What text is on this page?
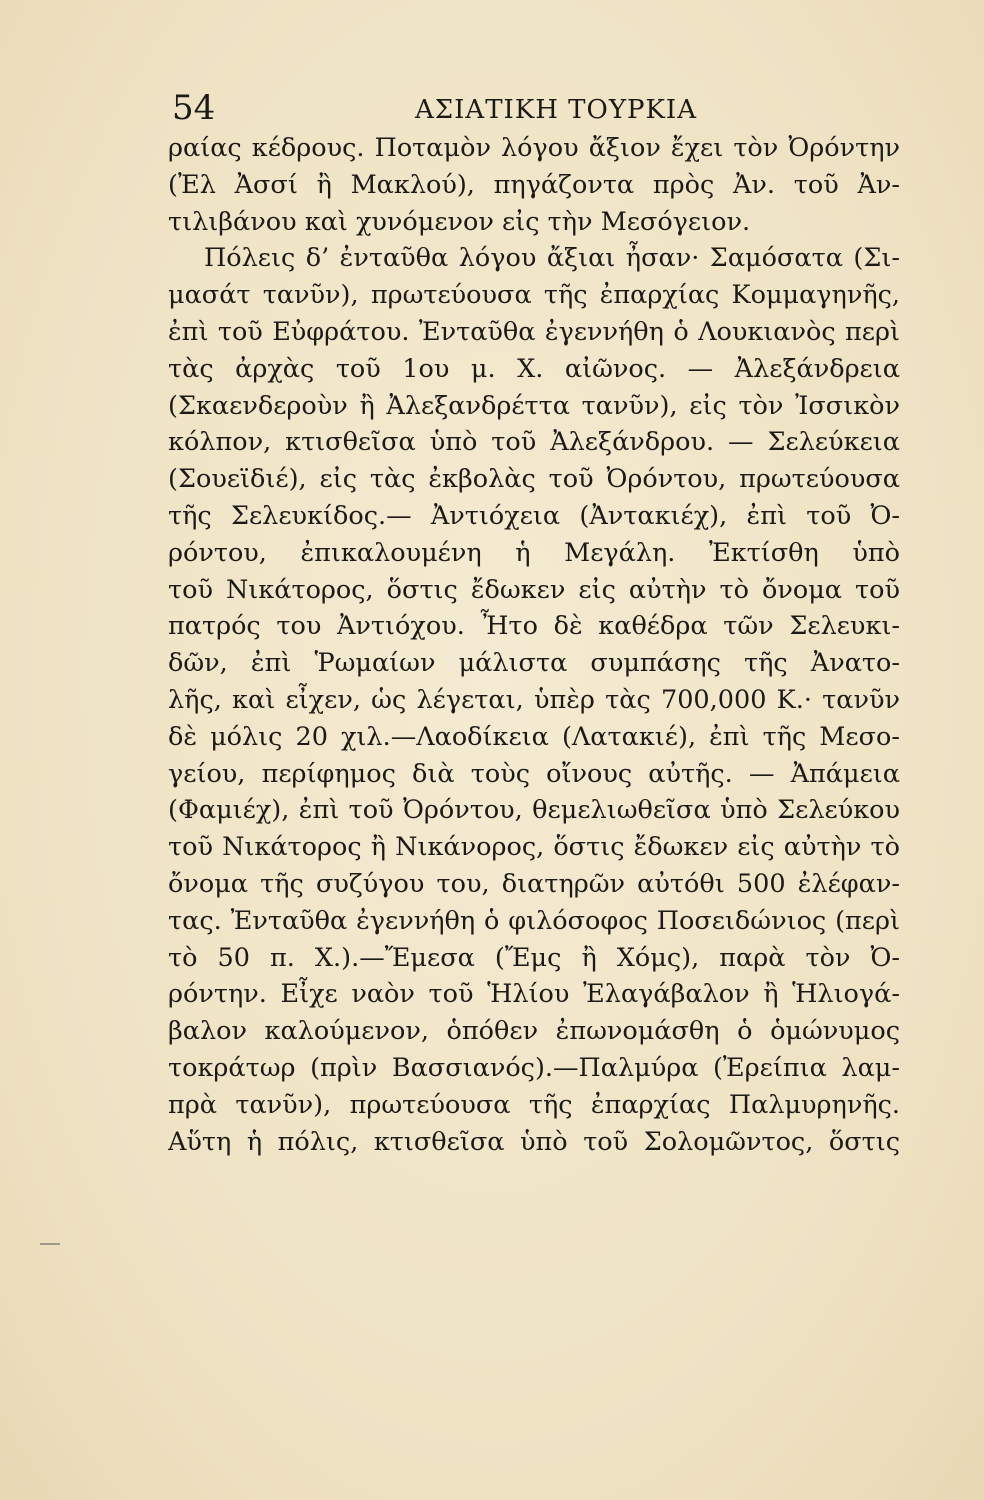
54	ΑΣΙΑΤΙΚΗ ΤΟΥΡΚΙΑ
ραίας κέδρους. Ποταμὸν λόγου ἄξιον ἔχει τὸν Ὀρόντην
(Ἐλ Ἀσσί ἢ Μακλού), πηγάζοντα πρὸς Ἀν. τοῦ Ἀν-
τιλιβάνου καὶ χυνόμενον εἰς τὴν Μεσόγειον.
Πόλεις δ’ ἐνταῦθα λόγου ἄξιαι ἦσαν· Σαμόσατα (Σι-
μασάτ τανῦν), πρωτεύουσα τῆς ἐπαρχίας Κομμαγηνῆς,
ἐπὶ τοῦ Εὐφράτου. Ἐνταῦθα ἐγεννήθη ὁ Λουκιανὸς περὶ
τὰς ἀρχὰς τοῦ 1ου μ. Χ. αἰῶνος. — Ἀλεξάνδρεια
(Σκαενδεροὺν ἢ Ἀλεξανδρέττα τανῦν), εἰς τὸν Ἰσσικὸν
κόλπον, κτισθεῖσα ὑπὸ τοῦ Ἀλεξάνδρου. — Σελεύκεια
(Σουεϊδιέ), εἰς τὰς ἐκβολὰς τοῦ Ὀρόντου, πρωτεύουσα
τῆς Σελευκίδος.— Ἀντιόχεια (Ἀντακιέχ), ἐπὶ τοῦ Ὀ-
ρόντου, ἐπικαλουμένη ἡ Μεγάλη. Ἐκτίσθη ὑπὸ
τοῦ Νικάτορος, ὅστις ἔδωκεν εἰς αὐτὴν τὸ ὄνομα τοῦ
πατρός του Ἀντιόχου. Ἦτο δὲ καθέδρα τῶν Σελευκι-
δῶν, ἐπὶ Ῥωμαίων μάλιστα συμπάσης τῆς Ἀνατο-
λῆς, καὶ εἶχεν, ὡς λέγεται, ὑπὲρ τὰς 700,000 Κ.· τανῦν
δὲ μόλις 20 χιλ.—Λαοδίκεια (Λατακιέ), ἐπὶ τῆς Μεσο-
γείου, περίφημος διὰ τοὺς οἴνους αὐτῆς. — Ἀπάμεια
(Φαμιέχ), ἐπὶ τοῦ Ὀρόντου, θεμελιωθεῖσα ὑπὸ Σελεύκου
τοῦ Νικάτορος ἢ Νικάνορος, ὅστις ἔδωκεν εἰς αὐτὴν τὸ
ὄνομα τῆς συζύγου του, διατηρῶν αὐτόθι 500 ἐλέφαν-
τας. Ἐνταῦθα ἐγεννήθη ὁ φιλόσοφος Ποσειδώνιος (περὶ
τὸ 50 π. Χ.).—Ἔμεσα (Ἔμς ἢ Χόμς), παρὰ τὸν Ὀ-
ρόντην. Εἶχε ναὸν τοῦ Ἡλίου Ἐλαγάβαλον ἢ Ἡλιογά-
βαλον καλούμενον, ὁπόθεν ἐπωνομάσθη ὁ ὁμώνυμος
τοκράτωρ (πρὶν Βασσιανός).—Παλμύρα (Ἐρείπια λαμ-
πρὰ τανῦν), πρωτεύουσα τῆς ἐπαρχίας Παλμυρηνῆς.
Αὕτη ἡ πόλις, κτισθεῖσα ὑπὸ τοῦ Σολομῶντος, ὅστις
